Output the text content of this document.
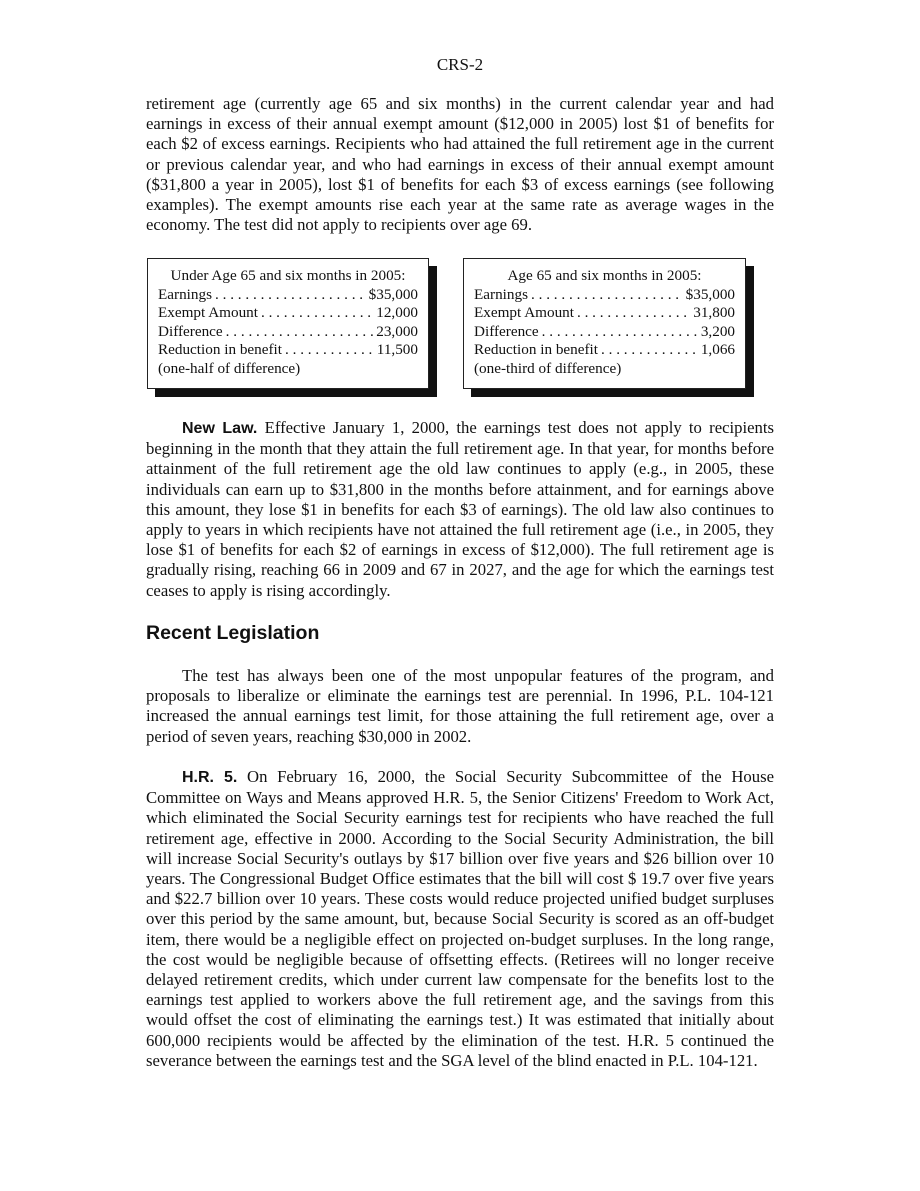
CRS-2

retirement age (currently age 65 and six months) in the current calendar year and had earnings in excess of their annual exempt amount ($12,000 in 2005) lost $1 of benefits for each $2 of excess earnings. Recipients who had attained the full retirement age in the current or previous calendar year, and who had earnings in excess of their annual exempt amount ($31,800 a year in 2005), lost $1 of benefits for each $3 of excess earnings (see following examples). The exempt amounts rise each year at the same rate as average wages in the economy. The test did not apply to recipients over age 69.

Under Age 65 and six months in 2005:
Earnings . . .	$35,000
Exempt Amount . . .	12,000
Difference . . .	23,000
Reduction in benefit . . .	11,500
(one-half of difference)
Age 65 and six months in 2005:
Earnings . . .	$35,000
Exempt Amount . . .	31,800
Difference . . .	3,200
Reduction in benefit . . .	1,066
(one-third of difference)

New Law. Effective January 1, 2000, the earnings test does not apply to recipients beginning in the month that they attain the full retirement age. In that year, for months before attainment of the full retirement age the old law continues to apply (e.g., in 2005, these individuals can earn up to $31,800 in the months before attainment, and for earnings above this amount, they lose $1 in benefits for each $3 of earnings). The old law also continues to apply to years in which recipients have not attained the full retirement age (i.e., in 2005, they lose $1 of benefits for each $2 of earnings in excess of $12,000). The full retirement age is gradually rising, reaching 66 in 2009 and 67 in 2027, and the age for which the earnings test ceases to apply is rising accordingly.

Recent Legislation

The test has always been one of the most unpopular features of the program, and proposals to liberalize or eliminate the earnings test are perennial. In 1996, P.L. 104-121 increased the annual earnings test limit, for those attaining the full retirement age, over a period of seven years, reaching $30,000 in 2002.

H.R. 5. On February 16, 2000, the Social Security Subcommittee of the House Committee on Ways and Means approved H.R. 5, the Senior Citizens' Freedom to Work Act, which eliminated the Social Security earnings test for recipients who have reached the full retirement age, effective in 2000. According to the Social Security Administration, the bill will increase Social Security's outlays by $17 billion over five years and $26 billion over 10 years. The Congressional Budget Office estimates that the bill will cost $ 19.7 over five years and $22.7 billion over 10 years. These costs would reduce projected unified budget surpluses over this period by the same amount, but, because Social Security is scored as an off-budget item, there would be a negligible effect on projected on-budget surpluses. In the long range, the cost would be negligible because of offsetting effects. (Retirees will no longer receive delayed retirement credits, which under current law compensate for the benefits lost to the earnings test applied to workers above the full retirement age, and the savings from this would offset the cost of eliminating the earnings test.) It was estimated that initially about 600,000 recipients would be affected by the elimination of the test. H.R. 5 continued the severance between the earnings test and the SGA level of the blind enacted in P.L. 104-121.
